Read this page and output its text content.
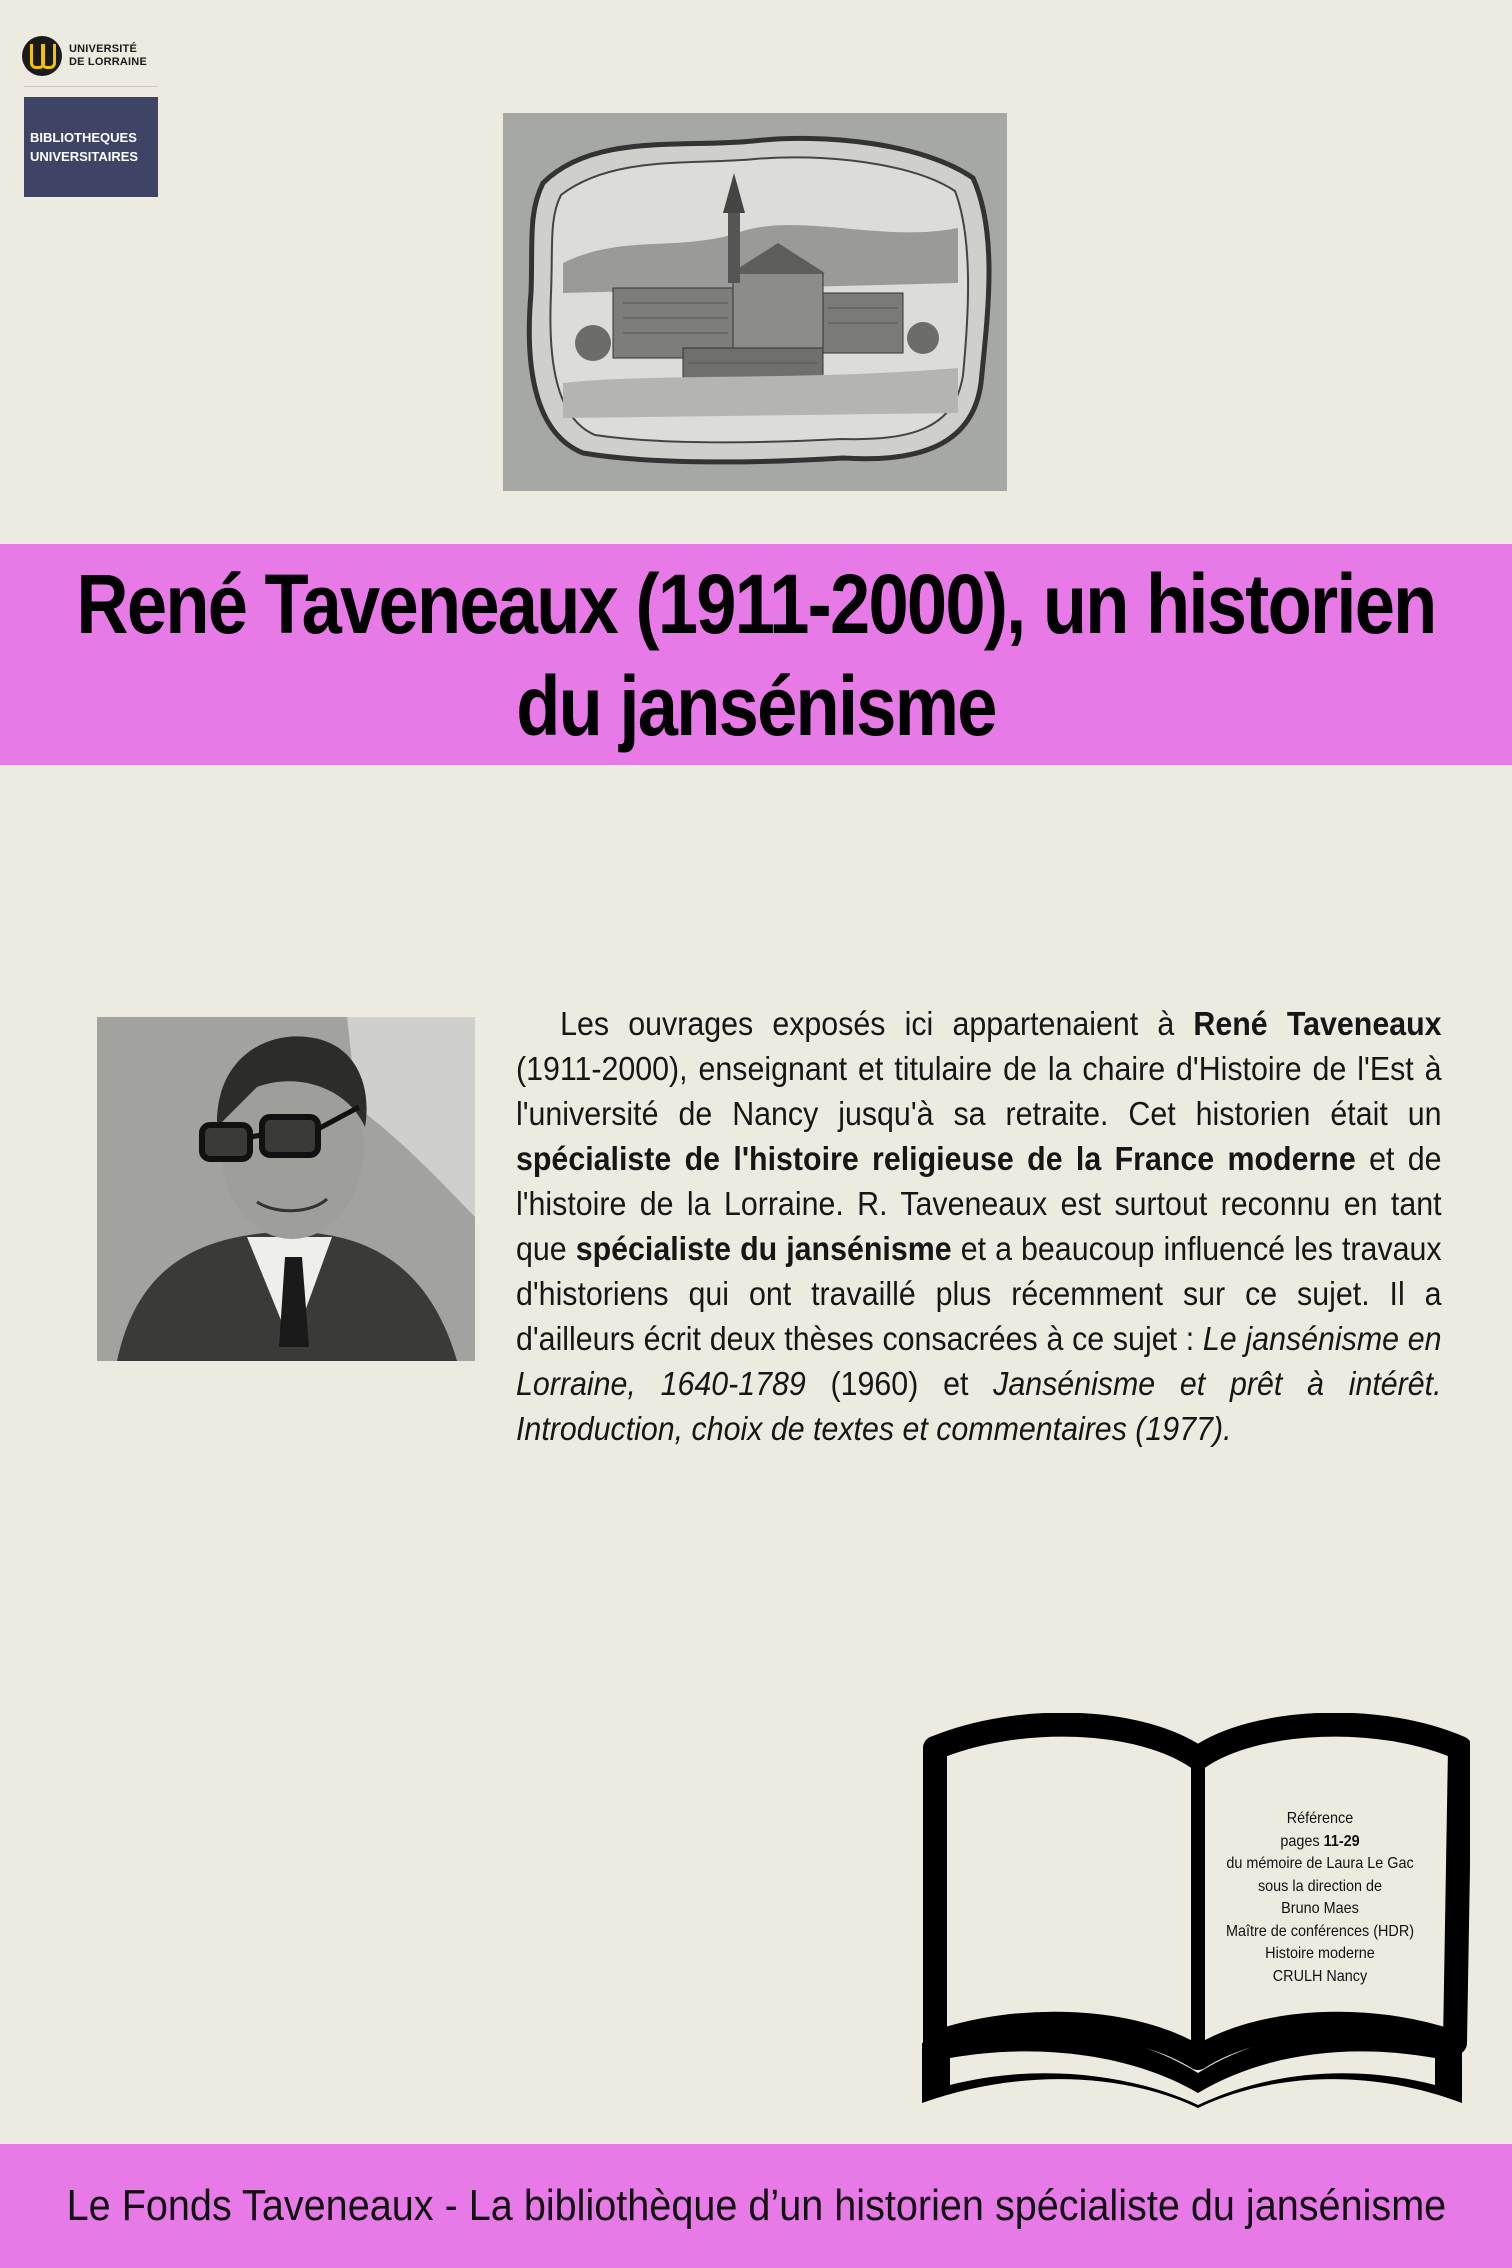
UNIVERSITÉ
DE LORRAINE
BIBLIOTHEQUES
UNIVERSITAIRES
René Taveneaux (1911-2000), un historien du jansénisme

Les ouvrages exposés ici appartenaient à René Taveneaux (1911-2000), enseignant et titulaire de la chaire d'Histoire de l'Est à l'université de Nancy jusqu'à sa retraite. Cet historien était un spécialiste de l'histoire religieuse de la France moderne et de l'histoire de la Lorraine. R. Taveneaux est surtout reconnu en tant que spécialiste du jansénisme et a beaucoup influencé les travaux d'historiens qui ont travaillé plus récemment sur ce sujet. Il a d'ailleurs écrit deux thèses consacrées à ce sujet : Le jansénisme en Lorraine, 1640-1789 (1960) et Jansénisme et prêt à intérêt. Introduction, choix de textes et commentaires (1977).

Référence
pages 11-29
du mémoire de Laura Le Gac
sous la direction de
Bruno Maes
Maître de conférences (HDR)
Histoire moderne
CRULH Nancy
Le Fonds Taveneaux - La bibliothèque d’un historien spécialiste du jansénisme
